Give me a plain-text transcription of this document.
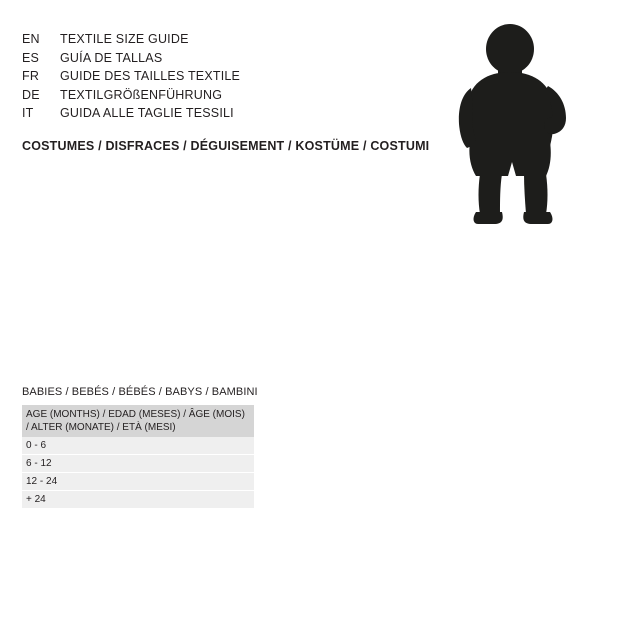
EN	TEXTILE SIZE GUIDE
ES	GUÍA DE TALLAS
FR	GUIDE DES TAILLES TEXTILE
DE	TEXTILGRÖßENFÜHRUNG
IT	GUIDA ALLE TAGLIE TESSILI
COSTUMES / DISFRACES / DÉGUISEMENT / KOSTÜME / COSTUMI
BABIES / BEBÉS / BÉBÉS / BABYS / BAMBINI
AGE (MONTHS) / EDAD (MESES) / ÂGE (MOIS) / ALTER (MONATE) / ETÀ (MESI)
0 - 6
6 - 12
12 - 24
+ 24
